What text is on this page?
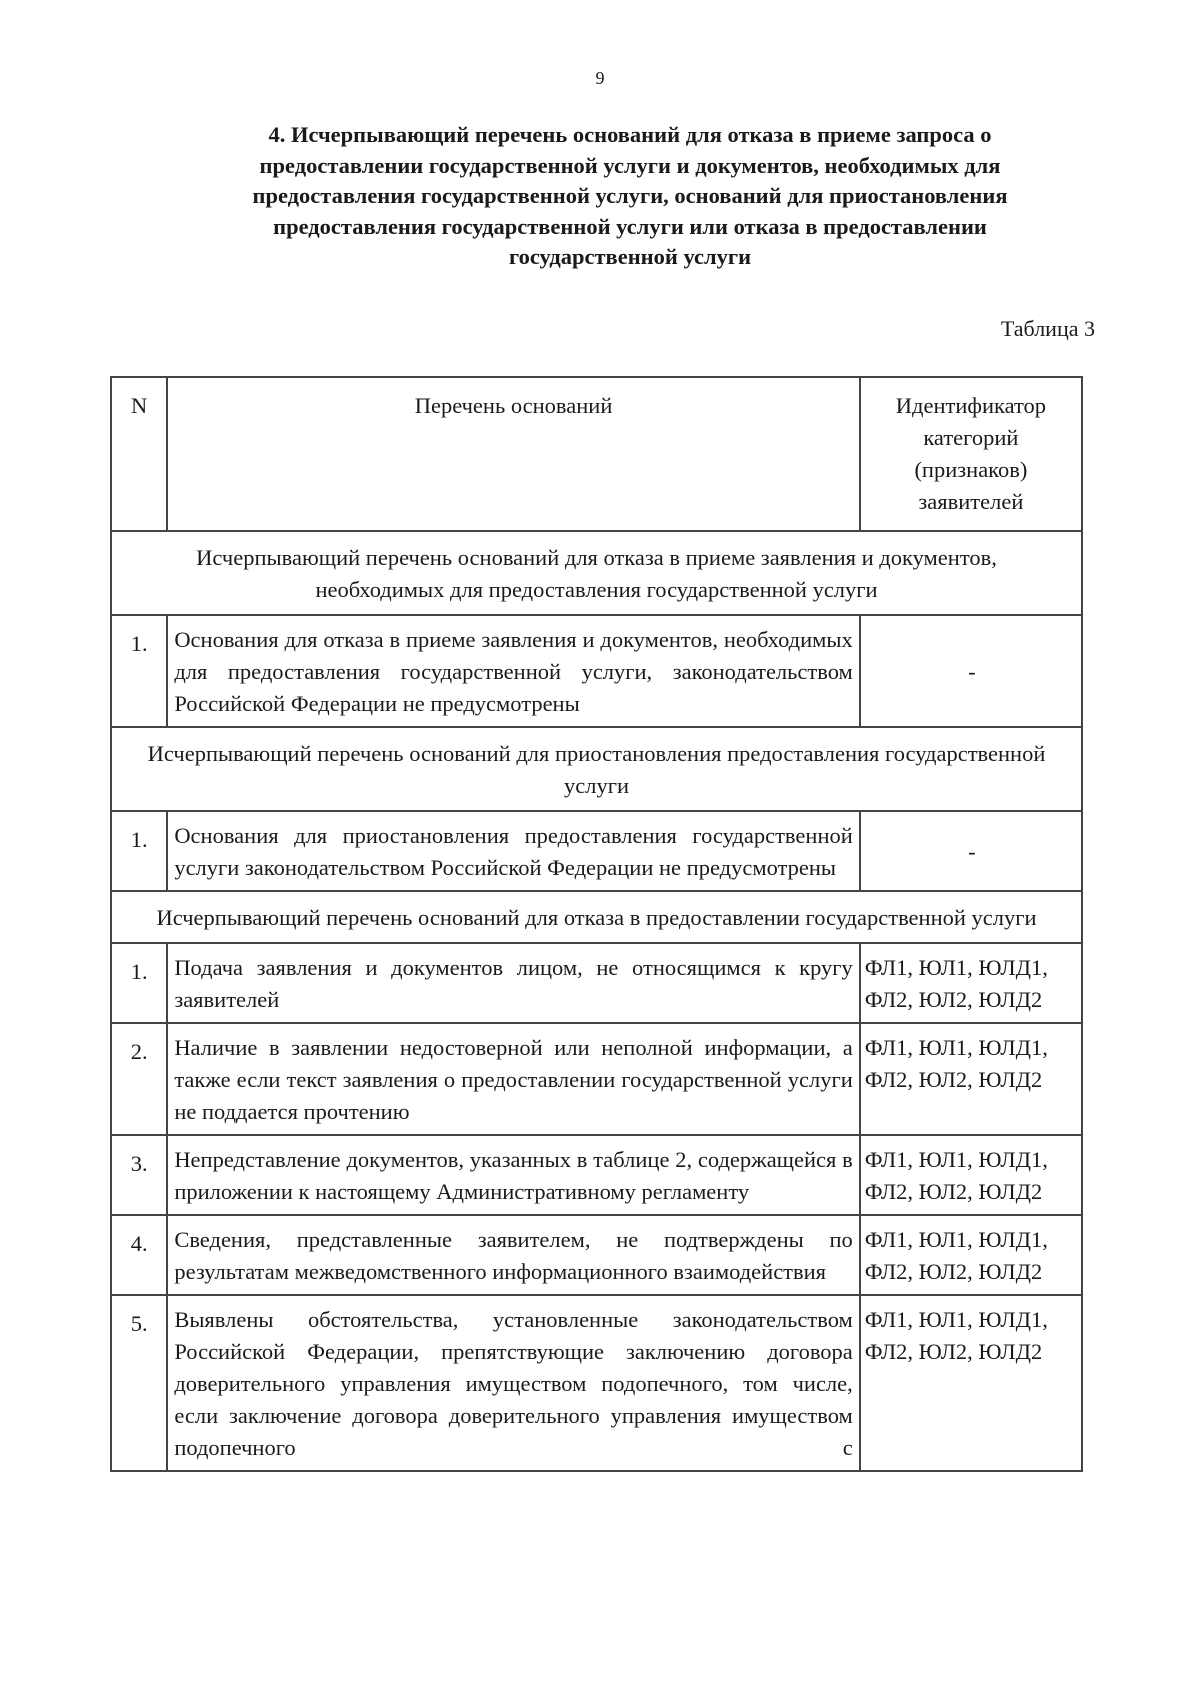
9
4. Исчерпывающий перечень оснований для отказа в приеме запроса о предоставлении государственной услуги и документов, необходимых для предоставления государственной услуги, оснований для приостановления предоставления государственной услуги или отказа в предоставлении государственной услуги
Таблица 3
N	Перечень оснований	Идентификатор категорий (признаков) заявителей
Исчерпывающий перечень оснований для отказа в приеме заявления и документов, необходимых для предоставления государственной услуги		
1.	Основания для отказа в приеме заявления и документов, необходимых для предоставления государственной услуги, законодательством Российской Федерации не предусмотрены	-
Исчерпывающий перечень оснований для приостановления предоставления государственной услуги		
1.	Основания для приостановления предоставления государственной услуги законодательством Российской Федерации не предусмотрены	-
Исчерпывающий перечень оснований для отказа в предоставлении государственной услуги		
1.	Подача заявления и документов лицом, не относящимся к кругу заявителей	ФЛ1, ЮЛ1, ЮЛД1, ФЛ2, ЮЛ2, ЮЛД2
2.	Наличие в заявлении недостоверной или неполной информации, а также если текст заявления о предоставлении государственной услуги не поддается прочтению	ФЛ1, ЮЛ1, ЮЛД1, ФЛ2, ЮЛ2, ЮЛД2
3.	Непредставление документов, указанных в таблице 2, содержащейся в приложении к настоящему Административному регламенту	ФЛ1, ЮЛ1, ЮЛД1, ФЛ2, ЮЛ2, ЮЛД2
4.	Сведения, представленные заявителем, не подтверждены по результатам межведомственного информационного взаимодействия	ФЛ1, ЮЛ1, ЮЛД1, ФЛ2, ЮЛ2, ЮЛД2
5.	Выявлены обстоятельства, установленные законодательством Российской Федерации, препятствующие заключению договора доверительного управления имуществом подопечного, том числе, если заключение договора доверительного управления имуществом подопечного с	ФЛ1, ЮЛ1, ЮЛД1, ФЛ2, ЮЛ2, ЮЛД2
